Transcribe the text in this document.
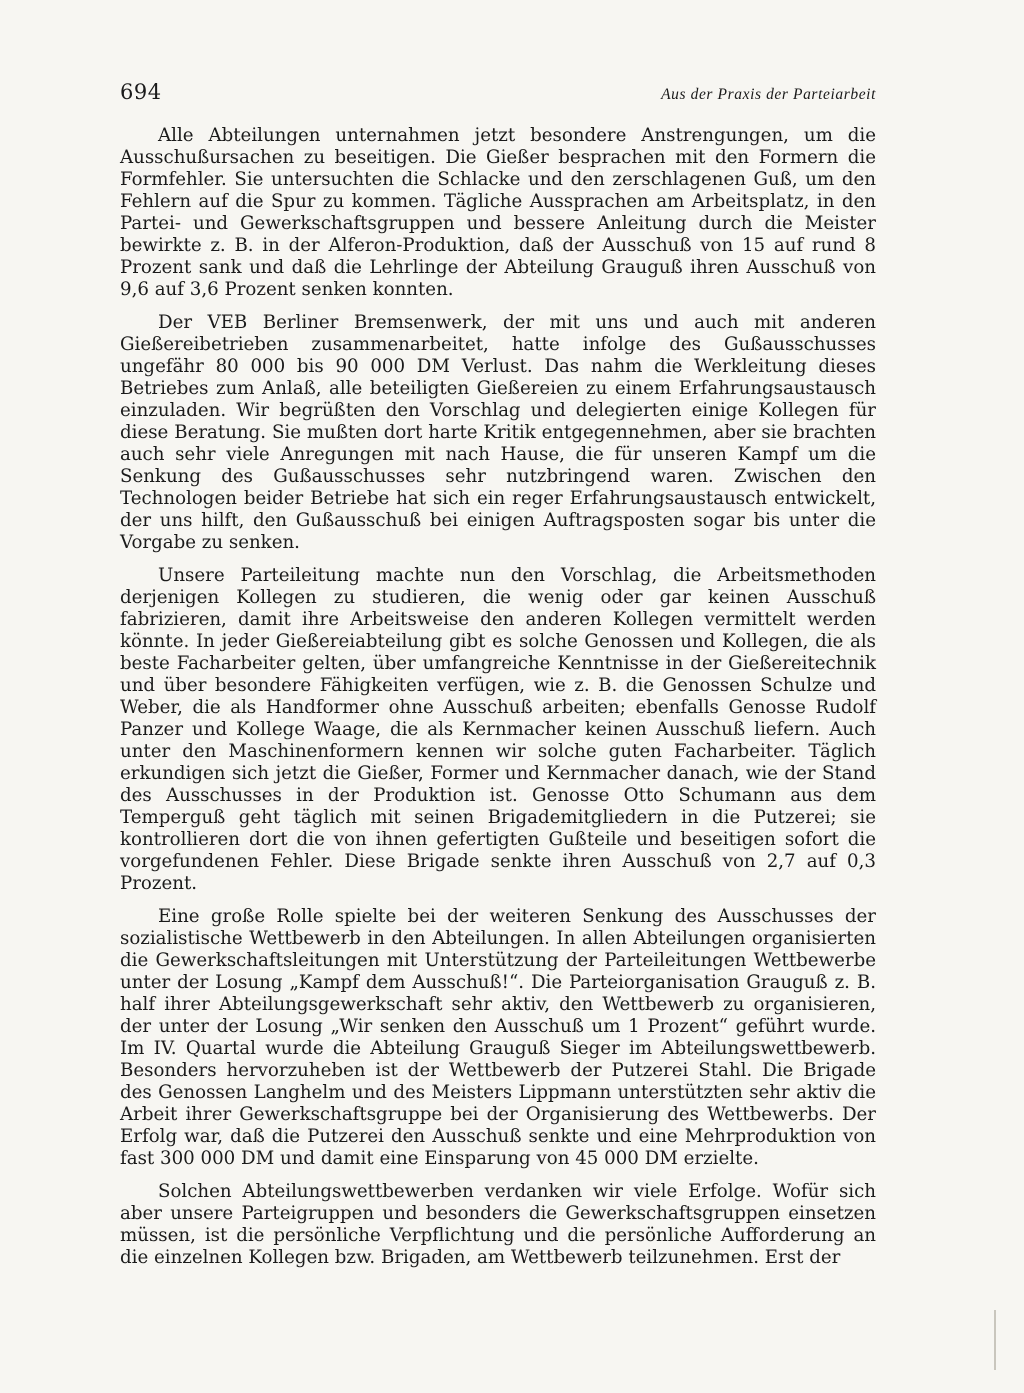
694	Aus der Praxis der Parteiarbeit

Alle Abteilungen unternahmen jetzt besondere Anstrengungen, um die Ausschußursachen zu beseitigen. Die Gießer besprachen mit den Formern die Formfehler. Sie untersuchten die Schlacke und den zerschlagenen Guß, um den Fehlern auf die Spur zu kommen. Tägliche Aussprachen am Arbeitsplatz, in den Partei- und Gewerkschaftsgruppen und bessere Anleitung durch die Meister bewirkte z. B. in der Alferon-Produktion, daß der Ausschuß von 15 auf rund 8 Prozent sank und daß die Lehrlinge der Abteilung Grauguß ihren Ausschuß von 9,6 auf 3,6 Prozent senken konnten.

Der VEB Berliner Bremsenwerk, der mit uns und auch mit anderen Gießereibetrieben zusammenarbeitet, hatte infolge des Gußausschusses ungefähr 80 000 bis 90 000 DM Verlust. Das nahm die Werkleitung dieses Betriebes zum Anlaß, alle beteiligten Gießereien zu einem Erfahrungsaustausch einzuladen. Wir begrüßten den Vorschlag und delegierten einige Kollegen für diese Beratung. Sie mußten dort harte Kritik entgegennehmen, aber sie brachten auch sehr viele Anregungen mit nach Hause, die für unseren Kampf um die Senkung des Gußausschusses sehr nutzbringend waren. Zwischen den Technologen beider Betriebe hat sich ein reger Erfahrungsaustausch entwickelt, der uns hilft, den Gußausschuß bei einigen Auftragsposten sogar bis unter die Vorgabe zu senken.

Unsere Parteileitung machte nun den Vorschlag, die Arbeitsmethoden derjenigen Kollegen zu studieren, die wenig oder gar keinen Ausschuß fabrizieren, damit ihre Arbeitsweise den anderen Kollegen vermittelt werden könnte. In jeder Gießereiabteilung gibt es solche Genossen und Kollegen, die als beste Facharbeiter gelten, über umfangreiche Kenntnisse in der Gießereitechnik und über besondere Fähigkeiten verfügen, wie z. B. die Genossen Schulze und Weber, die als Handformer ohne Ausschuß arbeiten; ebenfalls Genosse Rudolf Panzer und Kollege Waage, die als Kernmacher keinen Ausschuß liefern. Auch unter den Maschinenformern kennen wir solche guten Facharbeiter. Täglich erkundigen sich jetzt die Gießer, Former und Kernmacher danach, wie der Stand des Ausschusses in der Produktion ist. Genosse Otto Schumann aus dem Temperguß geht täglich mit seinen Brigademitgliedern in die Putzerei; sie kontrollieren dort die von ihnen gefertigten Gußteile und beseitigen sofort die vorgefundenen Fehler. Diese Brigade senkte ihren Ausschuß von 2,7 auf 0,3 Prozent.

Eine große Rolle spielte bei der weiteren Senkung des Ausschusses der sozialistische Wettbewerb in den Abteilungen. In allen Abteilungen organisierten die Gewerkschaftsleitungen mit Unterstützung der Parteileitungen Wettbewerbe unter der Losung „Kampf dem Ausschuß!“. Die Parteiorganisation Grauguß z. B. half ihrer Abteilungsgewerkschaft sehr aktiv, den Wettbewerb zu organisieren, der unter der Losung „Wir senken den Ausschuß um 1 Prozent“ geführt wurde. Im IV. Quartal wurde die Abteilung Grauguß Sieger im Abteilungswettbewerb. Besonders hervorzuheben ist der Wettbewerb der Putzerei Stahl. Die Brigade des Genossen Langhelm und des Meisters Lippmann unterstützten sehr aktiv die Arbeit ihrer Gewerkschaftsgruppe bei der Organisierung des Wettbewerbs. Der Erfolg war, daß die Putzerei den Ausschuß senkte und eine Mehrproduktion von fast 300 000 DM und damit eine Einsparung von 45 000 DM erzielte.

Solchen Abteilungswettbewerben verdanken wir viele Erfolge. Wofür sich aber unsere Parteigruppen und besonders die Gewerkschaftsgruppen einsetzen müssen, ist die persönliche Verpflichtung und die persönliche Aufforderung an die einzelnen Kollegen bzw. Brigaden, am Wettbewerb teilzunehmen. Erst der
